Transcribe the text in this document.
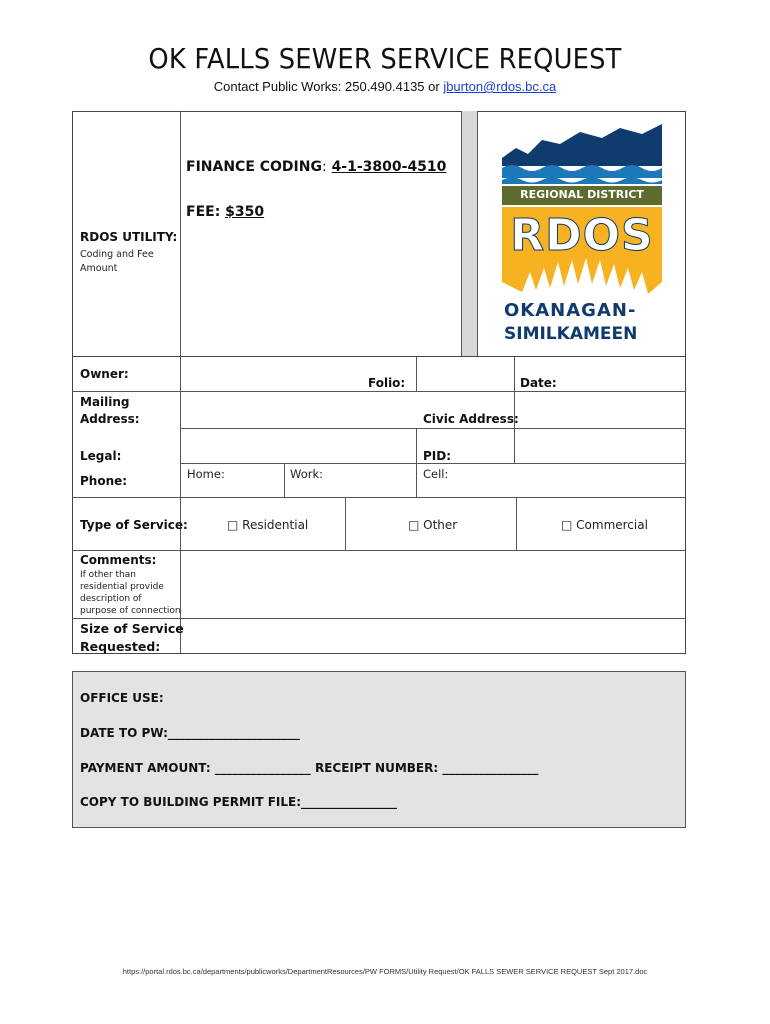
OK FALLS SEWER SERVICE REQUEST
Contact Public Works: 250.490.4135 or jburton@rdos.bc.ca
RDOS UTILITY:
Coding and Fee
Amount
FINANCE CODING: 4-1-3800-4510
FEE: $350
REGIONAL DISTRICT
RDOS
OKANAGAN-
SIMILKAMEEN
Owner:
Folio:	Date:
Mailing
Address:	Civic Address:
Legal:	PID:
Phone:	Home:	Work:	Cell:
Type of Service:	□ Residential	□ Other	□ Commercial
Comments:
If other than
residential provide
description of
purpose of connection
Size of Service
Requested:
OFFICE USE:
DATE TO PW:______________________
PAYMENT AMOUNT: ________________ RECEIPT NUMBER: ________________
COPY TO BUILDING PERMIT FILE:________________
https://portal.rdos.bc.ca/departments/publicworks/DepartmentResources/PW FORMS/Utility Request/OK FALLS SEWER SERVICE REQUEST Sept 2017.doc
